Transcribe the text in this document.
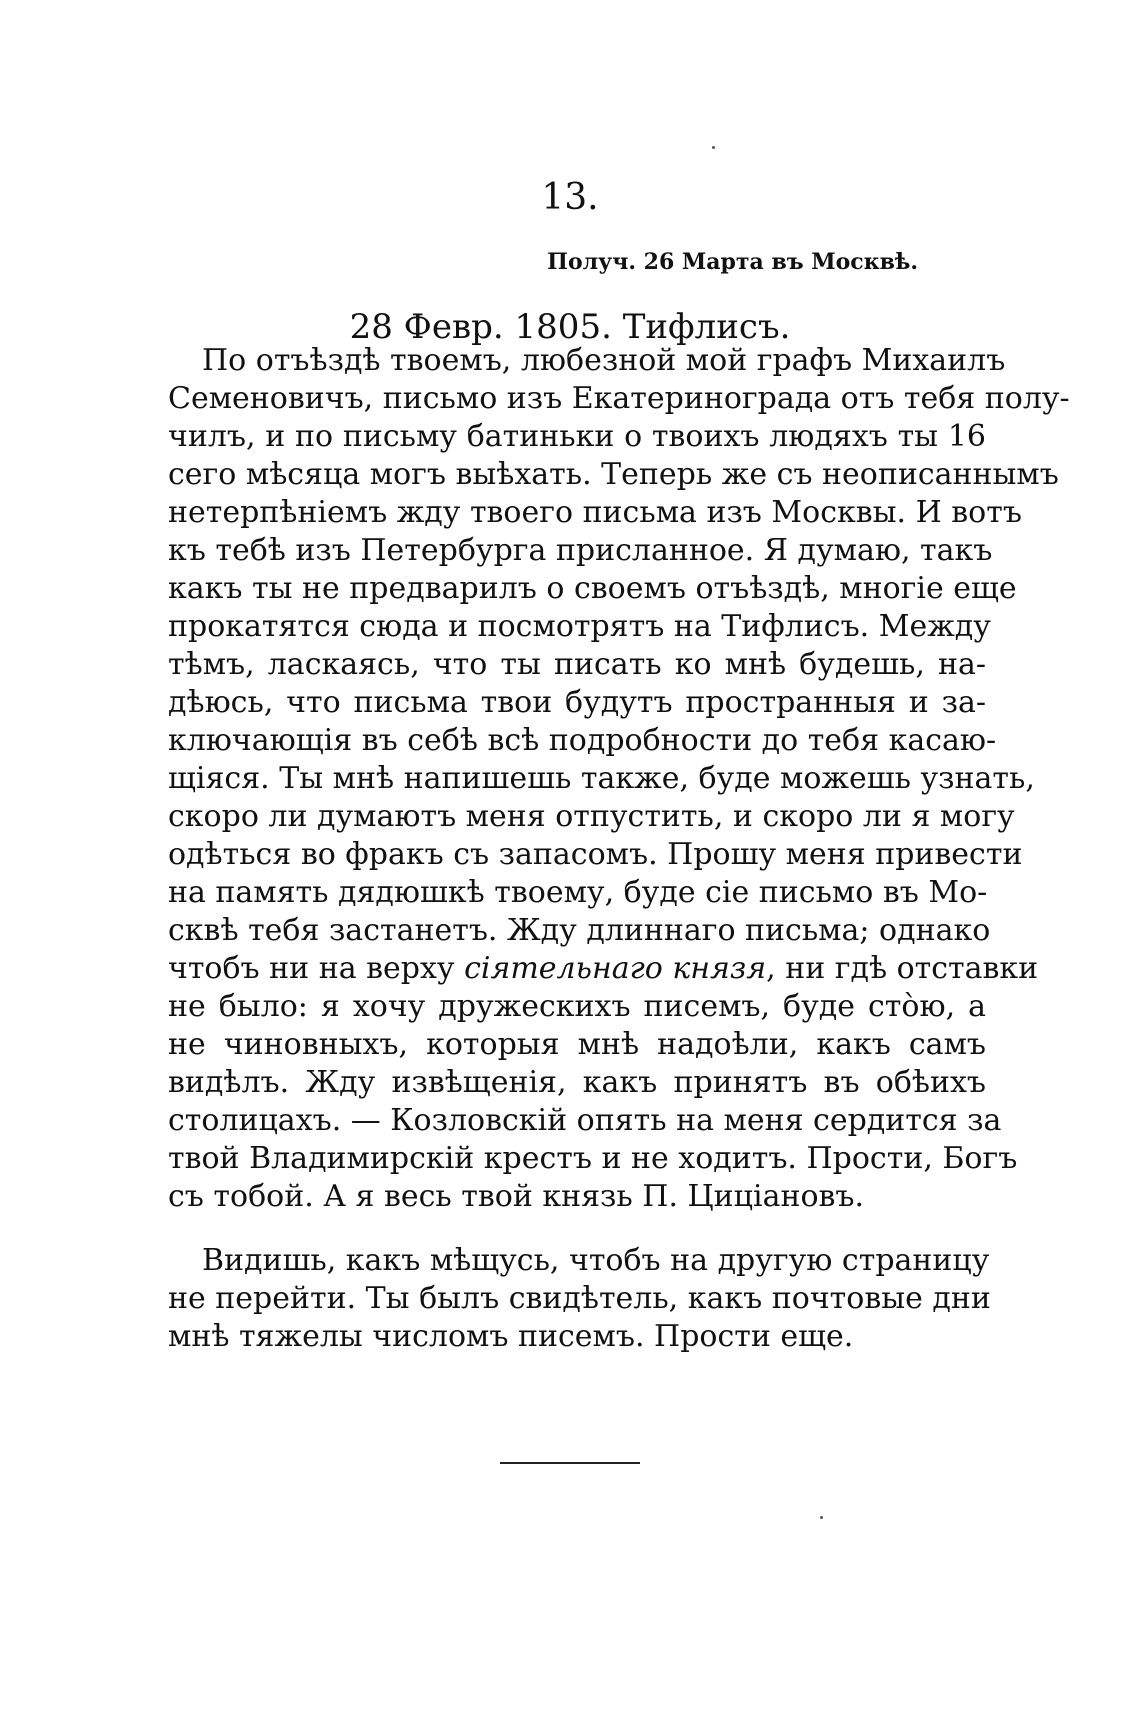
13.
Получ. 26 Марта въ Москвѣ.
28 Февр. 1805. Тифлисъ.
По отъѣздѣ твоемъ, любезной мой графъ Михаилъ
Семеновичъ, письмо изъ Екатеринограда отъ тебя полу-
чилъ, и по письму батиньки о твоихъ людяхъ ты 16
сего мѣсяца могъ выѣхать. Теперь же съ неописаннымъ
нетерпѣніемъ жду твоего письма изъ Москвы. И вотъ
къ тебѣ изъ Петербурга присланное. Я думаю, такъ
какъ ты не предварилъ о своемъ отъѣздѣ, многіе еще
прокатятся сюда и посмотрятъ на Тифлисъ. Между
тѣмъ, ласкаясь, что ты писать ко мнѣ будешь, на-
дѣюсь, что письма твои будутъ пространныя и за-
ключающія въ себѣ всѣ подробности до тебя касаю-
щіяся. Ты мнѣ напишешь также, буде можешь узнать,
скоро ли думаютъ меня отпустить, и скоро ли я могу
одѣться во фракъ съ запасомъ. Прошу меня привести
на память дядюшкѣ твоему, буде сіе письмо въ Мо-
сквѣ тебя застанетъ. Жду длиннаго письма; однако
чтобъ ни на верху сіятельнаго князя, ни гдѣ отставки
не было: я хочу дружескихъ писемъ, буде стòю, а
не чиновныхъ, которыя мнѣ надоѣли, какъ самъ
видѣлъ. Жду извѣщенія, какъ принятъ въ обѣихъ
столицахъ. — Козловскій опять на меня сердится за
твой Владимирскій крестъ и не ходитъ. Прости, Богъ
съ тобой. А я весь твой князь П. Циціановъ.
Видишь, какъ мѣщусь, чтобъ на другую страницу
не перейти. Ты былъ свидѣтель, какъ почтовые дни
мнѣ тяжелы числомъ писемъ. Прости еще.
